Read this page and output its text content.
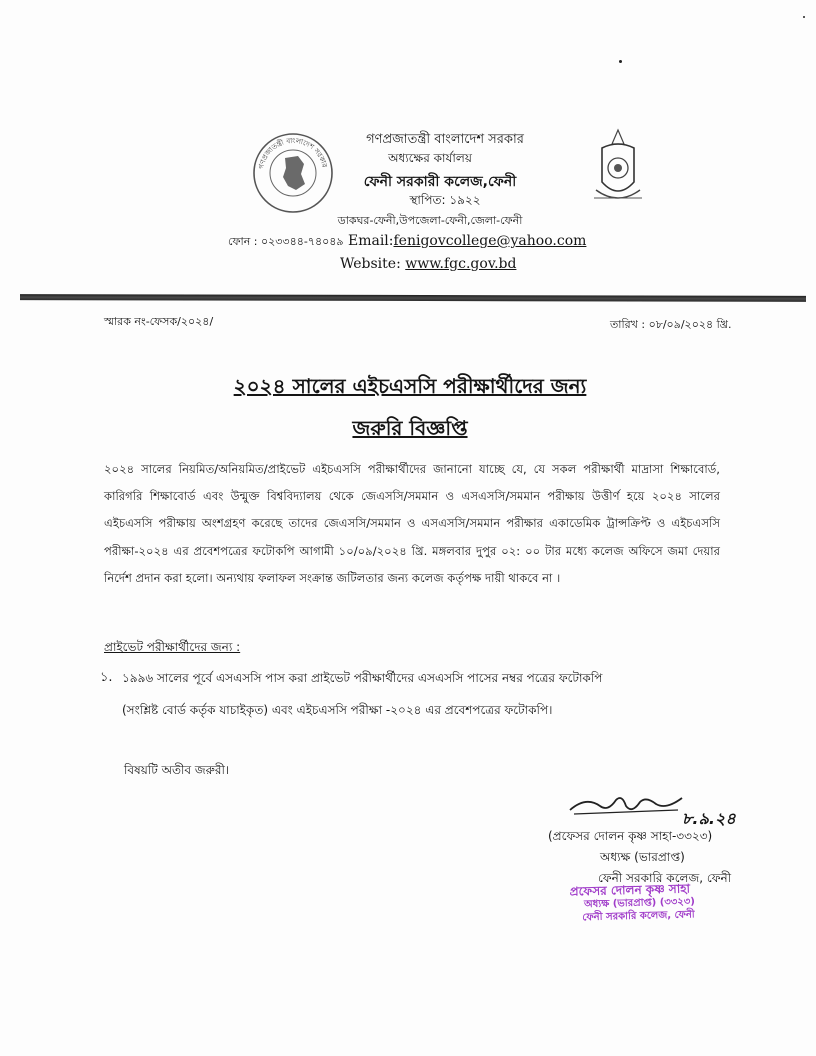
গণপ্রজাতন্ত্রী বাংলাদেশ সরকার
গণপ্রজাতন্ত্রী বাংলাদেশ সরকার
অধ্যক্ষের কার্যালয়
ফেনী সরকারী কলেজ,ফেনী
স্থাপিত: ১৯২২
ডাকঘর-ফেনী,উপজেলা-ফেনী,জেলা-ফেনী
ফোন : ০২৩৩৪৪-৭৪০৪৯ Email:fenigovcollege@yahoo.com
Website: www.fgc.gov.bd
স্মারক নং-ফেসক/২০২৪/	তারিখ : ০৮/০৯/২০২৪ খ্রি.
২০২৪ সালের এইচএসসি পরীক্ষার্থীদের জন্য
জরুরি বিজ্ঞপ্তি
২০২৪ সালের নিয়মিত/অনিয়মিত/প্রাইভেট এইচএসসি পরীক্ষার্থীদের জানানো যাচ্ছে যে, যে সকল পরীক্ষার্থী মাদ্রাসা শিক্ষাবোর্ড, কারিগরি শিক্ষাবোর্ড এবং উন্মুক্ত বিশ্ববিদ্যালয় থেকে জেএসসি/সমমান ও এসএসসি/সমমান পরীক্ষায় উত্তীর্ণ হয়ে ২০২৪ সালের এইচএসসি পরীক্ষায় অংশগ্রহণ করেছে তাদের জেএসসি/সমমান ও এসএসসি/সমমান পরীক্ষার একাডেমিক ট্রান্সক্রিপ্ট ও এইচএসসি পরীক্ষা-২০২৪ এর প্রবেশপত্রের ফটোকপি আগামী ১০/০৯/২০২৪ খ্রি. মঙ্গলবার দুপুর ০২: ০০ টার মধ্যে কলেজ অফিসে জমা দেয়ার নির্দেশ প্রদান করা হলো। অন্যথায় ফলাফল সংক্রান্ত জটিলতার জন্য কলেজ কর্তৃপক্ষ দায়ী থাকবে না ।
প্রাইভেট পরীক্ষার্থীদের জন্য :
১. ১৯৯৬ সালের পূর্বে এসএসসি পাস করা প্রাইভেট পরীক্ষার্থীদের এসএসসি পাসের নম্বর পত্রের ফটোকপি
(সংশ্লিষ্ট বোর্ড কর্তৃক যাচাইকৃত) এবং এইচএসসি পরীক্ষা -২০২৪ এর প্রবেশপত্রের ফটোকপি।
বিষয়টি অতীব জরুরী।
৮.৯.২৪
(প্রফেসর দোলন কৃষ্ণ সাহা-৩৩২৩)
অধ্যক্ষ (ভারপ্রাপ্ত)
ফেনী সরকারি কলেজ, ফেনী
প্রফেসর দোলন কৃষ্ণ সাহা
অধ্যক্ষ (ভারপ্রাপ্ত) (৩৩২৩)
ফেনী সরকারি কলেজ, ফেনী
